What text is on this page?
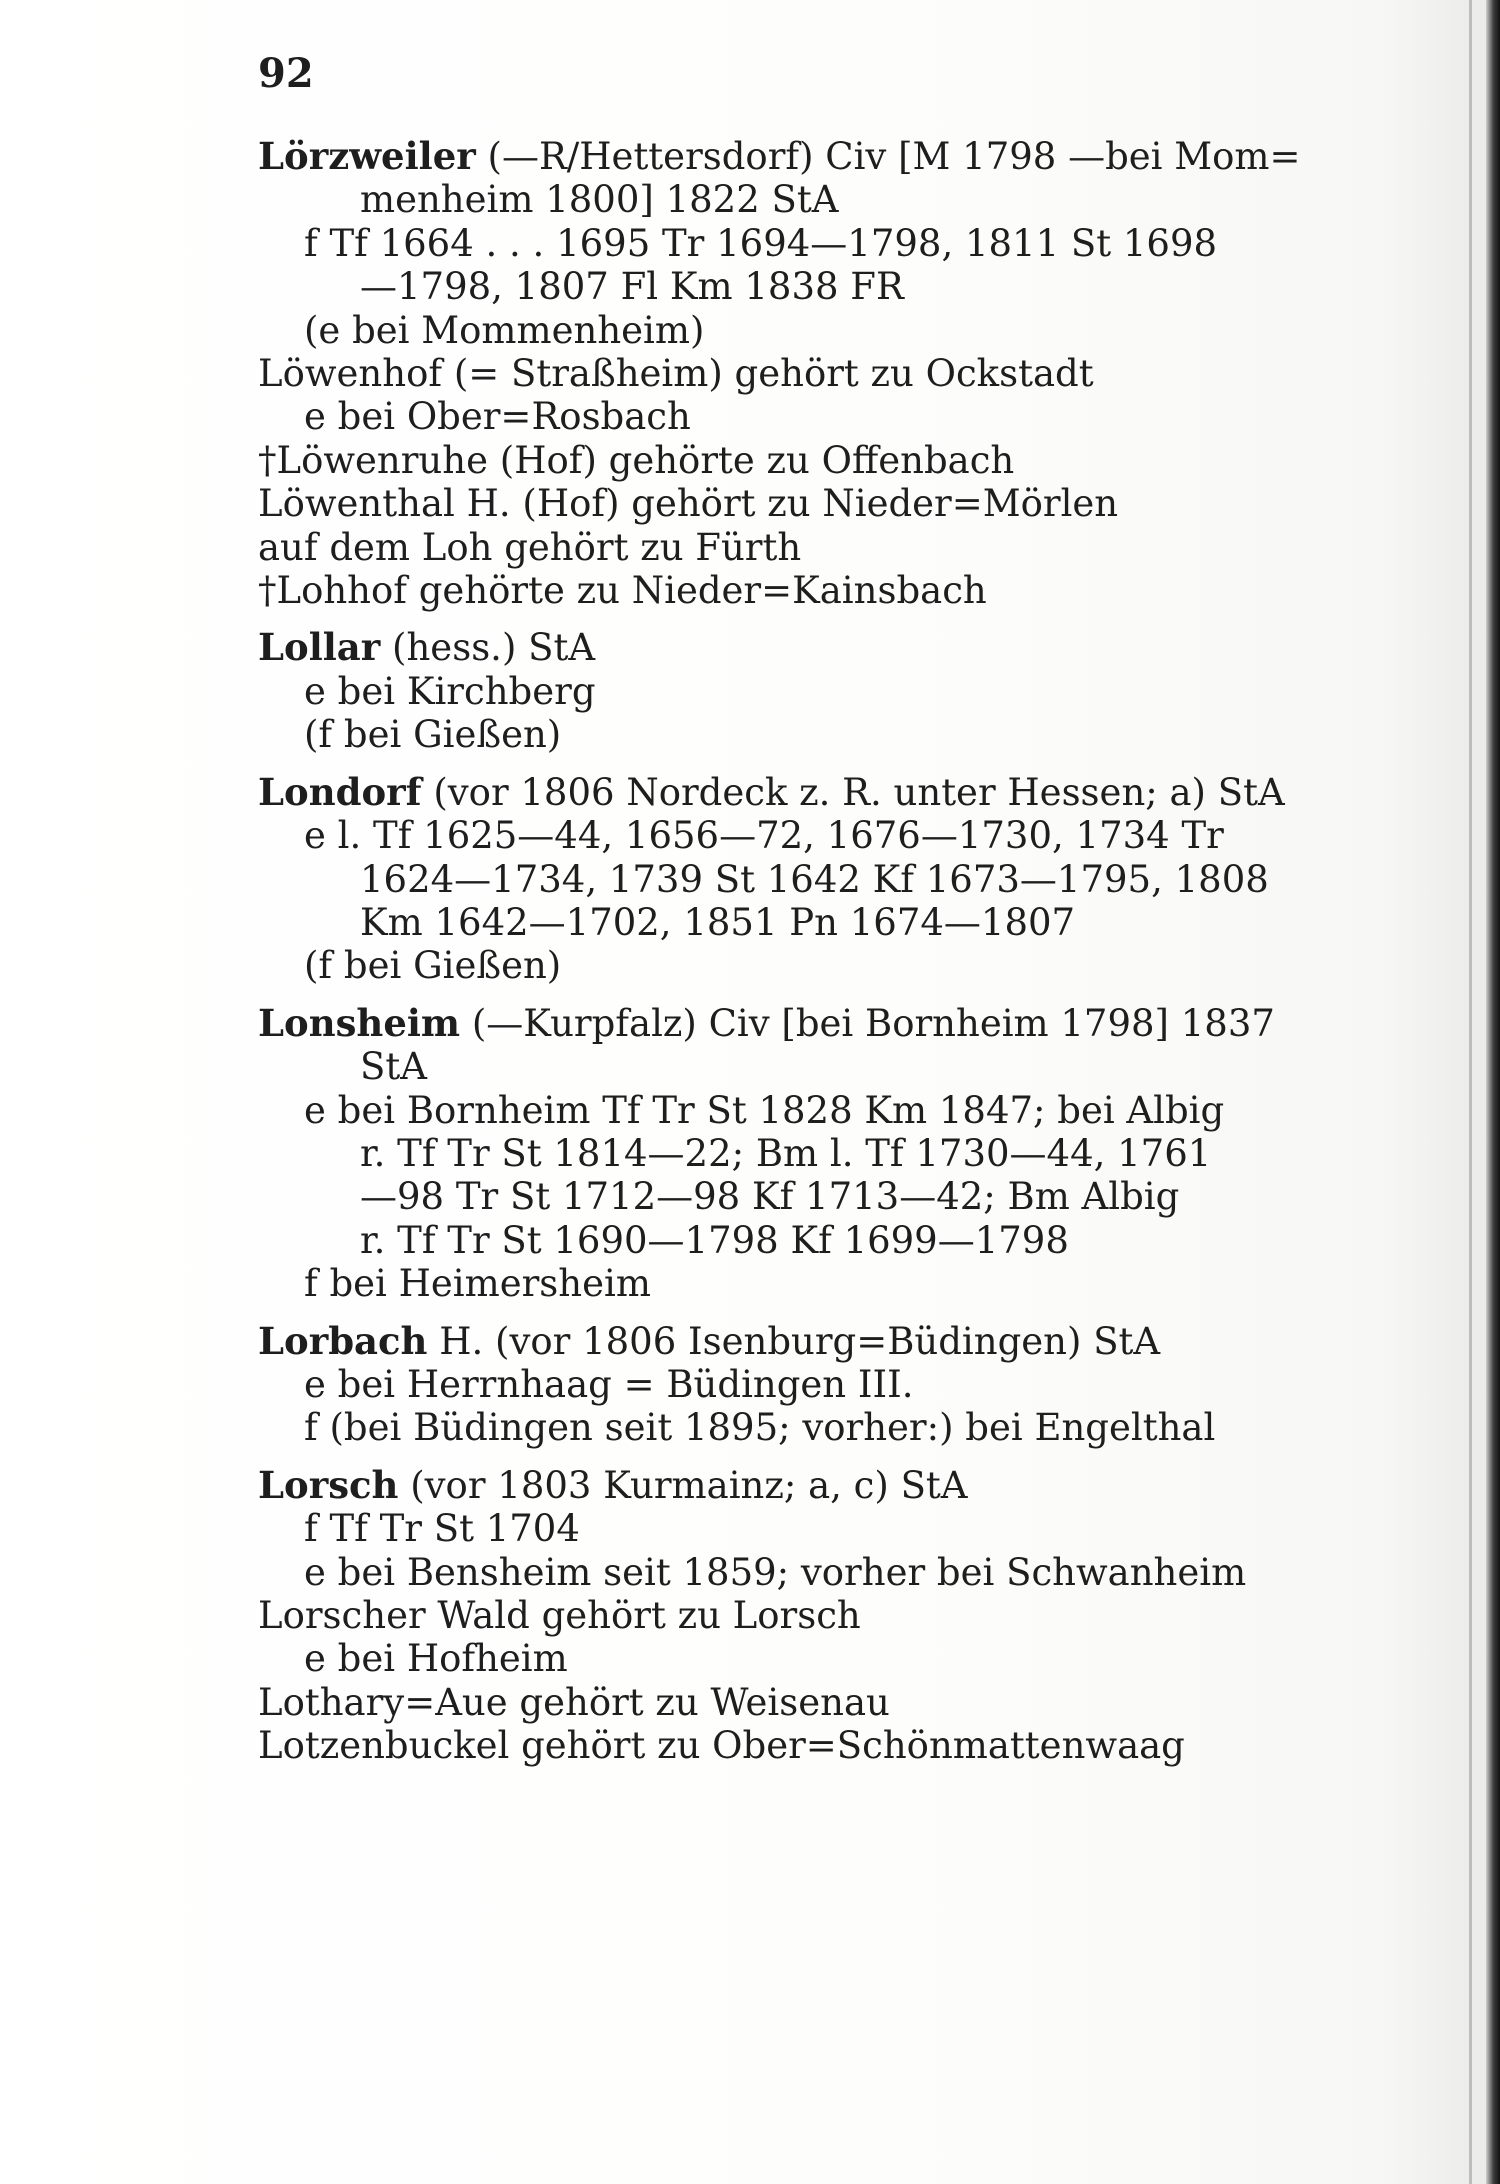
92
Lörzweiler (—R/Hettersdorf) Civ [M 1798 —bei Mom=
menheim 1800] 1822 StA
f Tf 1664 . . . 1695 Tr 1694—1798, 1811 St 1698
—1798, 1807 Fl Km 1838 FR
(e bei Mommenheim)
Löwenhof (= Straßheim) gehört zu Ockstadt
e bei Ober=Rosbach
†Löwenruhe (Hof) gehörte zu Offenbach
Löwenthal H. (Hof) gehört zu Nieder=Mörlen
auf dem Loh gehört zu Fürth
†Lohhof gehörte zu Nieder=Kainsbach
Lollar (hess.) StA
e bei Kirchberg
(f bei Gießen)
Londorf (vor 1806 Nordeck z. R. unter Hessen; a) StA
e l. Tf 1625—44, 1656—72, 1676—1730, 1734 Tr
1624—1734, 1739 St 1642 Kf 1673—1795, 1808
Km 1642—1702, 1851 Pn 1674—1807
(f bei Gießen)
Lonsheim (—Kurpfalz) Civ [bei Bornheim 1798] 1837
StA
e bei Bornheim Tf Tr St 1828 Km 1847; bei Albig
r. Tf Tr St 1814—22; Bm l. Tf 1730—44, 1761
—98 Tr St 1712—98 Kf 1713—42; Bm Albig
r. Tf Tr St 1690—1798 Kf 1699—1798
f bei Heimersheim
Lorbach H. (vor 1806 Isenburg=Büdingen) StA
e bei Herrnhaag = Büdingen III.
f (bei Büdingen seit 1895; vorher:) bei Engelthal
Lorsch (vor 1803 Kurmainz; a, c) StA
f Tf Tr St 1704
e bei Bensheim seit 1859; vorher bei Schwanheim
Lorscher Wald gehört zu Lorsch
e bei Hofheim
Lothary=Aue gehört zu Weisenau
Lotzenbuckel gehört zu Ober=Schönmattenwaag
